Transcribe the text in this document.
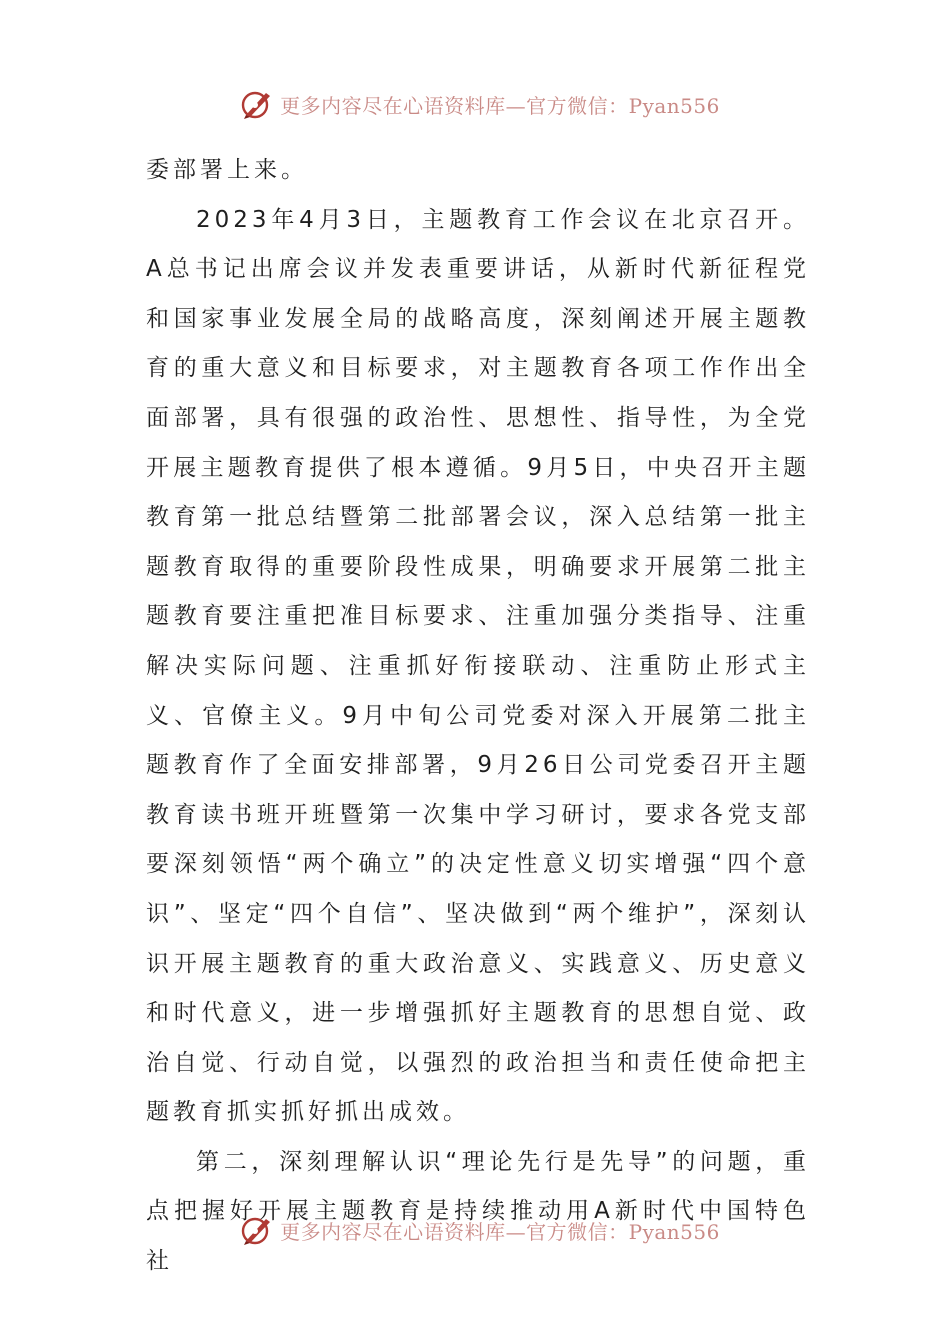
更多内容尽在心语资料库—官方微信：Pyan556

委部署上来。

2023年4月3日，主题教育工作会议在北京召开。A总书记出席会议并发表重要讲话，从新时代新征程党和国家事业发展全局的战略高度，深刻阐述开展主题教育的重大意义和目标要求，对主题教育各项工作作出全面部署，具有很强的政治性、思想性、指导性，为全党开展主题教育提供了根本遵循。9月5日，中央召开主题教育第一批总结暨第二批部署会议，深入总结第一批主题教育取得的重要阶段性成果，明确要求开展第二批主题教育要注重把准目标要求、注重加强分类指导、注重解决实际问题、注重抓好衔接联动、注重防止形式主义、官僚主义。9月中旬公司党委对深入开展第二批主题教育作了全面安排部署，9月26日公司党委召开主题教育读书班开班暨第一次集中学习研讨，要求各党支部要深刻领悟“两个确立”的决定性意义切实增强“四个意识”、坚定“四个自信”、坚决做到“两个维护”，深刻认识开展主题教育的重大政治意义、实践意义、历史意义和时代意义，进一步增强抓好主题教育的思想自觉、政治自觉、行动自觉，以强烈的政治担当和责任使命把主题教育抓实抓好抓出成效。

第二，深刻理解认识“理论先行是先导”的问题，重点把握好开展主题教育是持续推动用A新时代中国特色社

更多内容尽在心语资料库—官方微信：Pyan556
